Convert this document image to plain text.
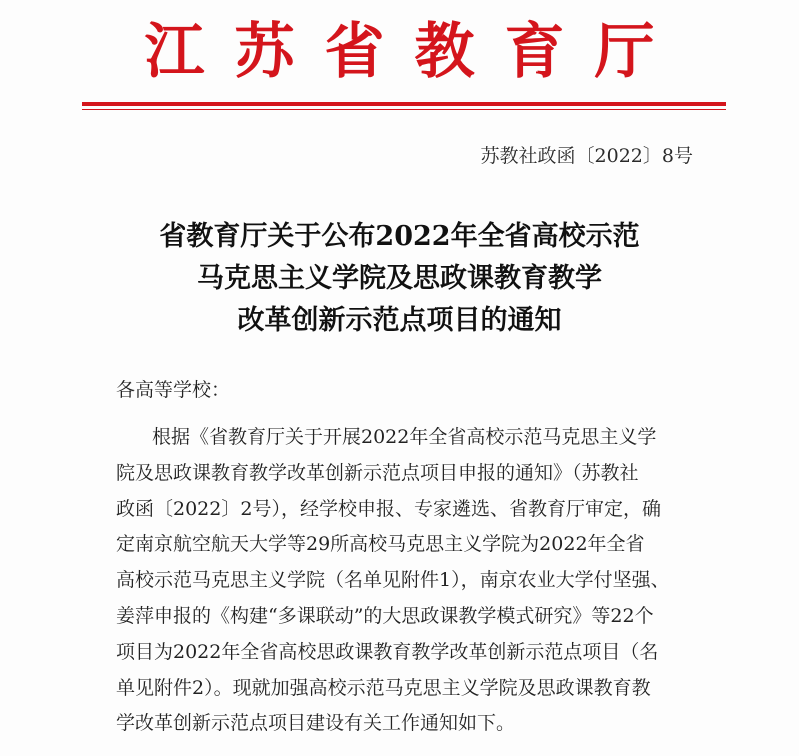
江苏省教育厅
苏教社政函〔2022〕8号
省教育厅关于公布2022年全省高校示范
马克思主义学院及思政课教育教学
改革创新示范点项目的通知
各高等学校：
根据《省教育厅关于开展2022年全省高校示范马克思主义学
院及思政课教育教学改革创新示范点项目申报的通知》（苏教社
政函〔2022〕2号），经学校申报、专家遴选、省教育厅审定，确
定南京航空航天大学等29所高校马克思主义学院为2022年全省
高校示范马克思主义学院（名单见附件1），南京农业大学付坚强、
姜萍申报的《构建“多课联动”的大思政课教学模式研究》等22个
项目为2022年全省高校思政课教育教学改革创新示范点项目（名
单见附件2）。现就加强高校示范马克思主义学院及思政课教育教
学改革创新示范点项目建设有关工作通知如下。
